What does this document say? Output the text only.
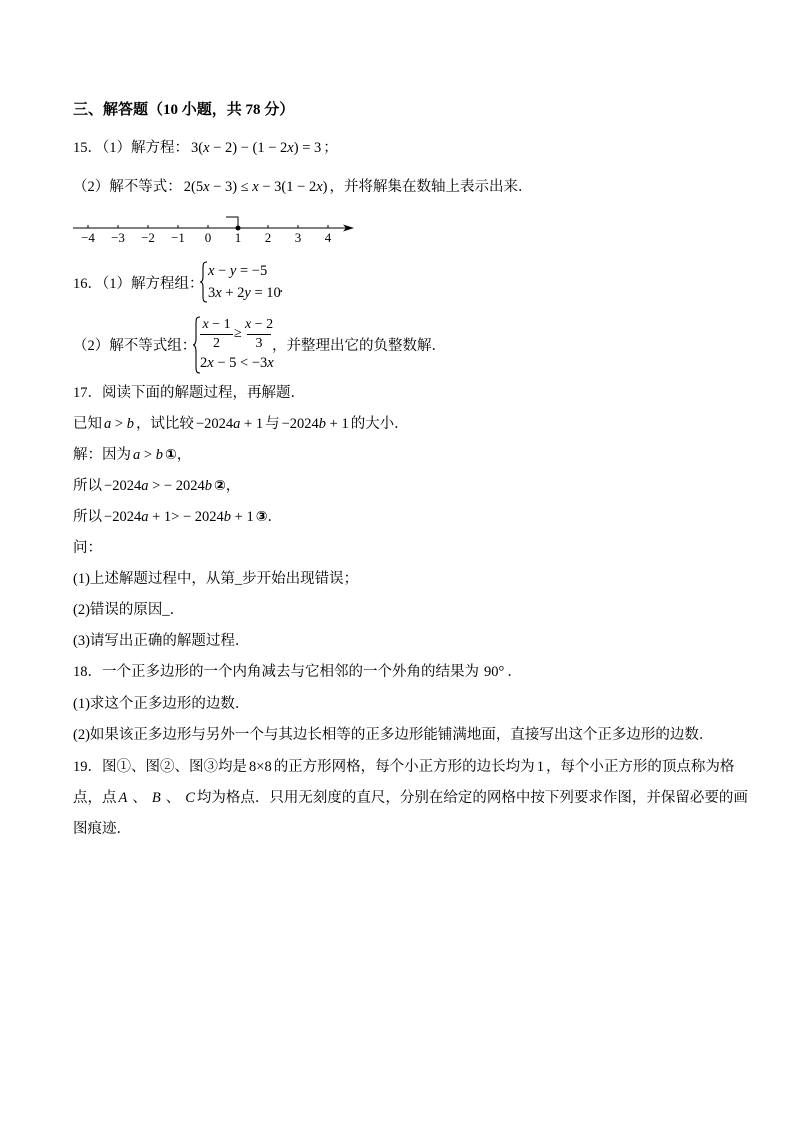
三、解答题（10 小题，共 78 分）
15．（1）解方程： 3(x − 2) − (1 − 2x) = 3 ；
（2）解不等式： 2(5x − 3) ≤ x − 3(1 − 2x) ，并将解集在数轴上表示出来．
−4 −3 −2 −1 0 1 2 3 4
16．（1）解方程组：
x − y = −5
3x + 2y = 10
．
（2）解不等式组：
x − 1
2
≥
x − 2
3
2x − 5 < −3x
，并整理出它的负整数解．
17．阅读下面的解题过程，再解题．
已知 a > b ，试比较 −2024a + 1 与 −2024b + 1 的大小．
解：因为 a > b ①，
所以 −2024a > − 2024b ②，
所以 −2024a + 1> − 2024b + 1 ③．
问：
(1)上述解题过程中，从第_步开始出现错误；
(2)错误的原因_．
(3)请写出正确的解题过程．
18．一个正多边形的一个内角减去与它相邻的一个外角的结果为 90° ．
(1)求这个正多边形的边数．
(2)如果该正多边形与另外一个与其边长相等的正多边形能铺满地面，直接写出这个正多边形的边数．
19．图①、图②、图③均是 8×8 的正方形网格，每个小正方形的边长均为 1 ，每个小正方形的顶点称为格
点，点 A 、 B 、 C 均为格点．只用无刻度的直尺，分别在给定的网格中按下列要求作图，并保留必要的画
图痕迹．
